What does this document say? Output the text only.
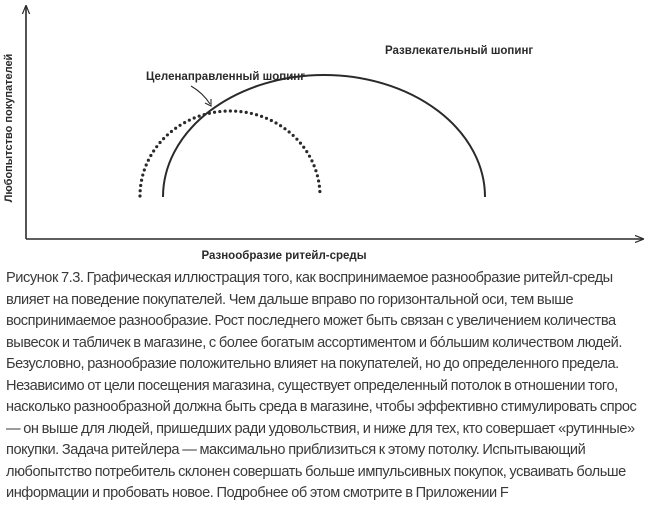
Любопытство покупателей
Разнообразие ритейл-среды
Развлекательный шопинг
Целенаправленный шопинг

Рисунок 7.3. Графическая иллюстрация того, как воспринимаемое разнообразие ритейл-среды влияет на поведение покупателей. Чем дальше вправо по горизонтальной оси, тем выше воспринимаемое разнообразие. Рост последнего может быть связан с увеличением количества вывесок и табличек в магазине, с более богатым ассортиментом и бóльшим количеством людей. Безусловно, разнообразие положительно влияет на покупателей, но до определенного предела. Независимо от цели посещения магазина, существует определенный потолок в отношении того, насколько разнообразной должна быть среда в магазине, чтобы эффективно стимулировать спрос — он выше для людей, пришедших ради удовольствия, и ниже для тех, кто совершает «рутинные» покупки. Задача ритейлера — максимально приблизиться к этому потолку. Испытывающий любопытство потребитель склонен совершать больше импульсивных покупок, усваивать больше информации и пробовать новое. Подробнее об этом смотрите в Приложении F
